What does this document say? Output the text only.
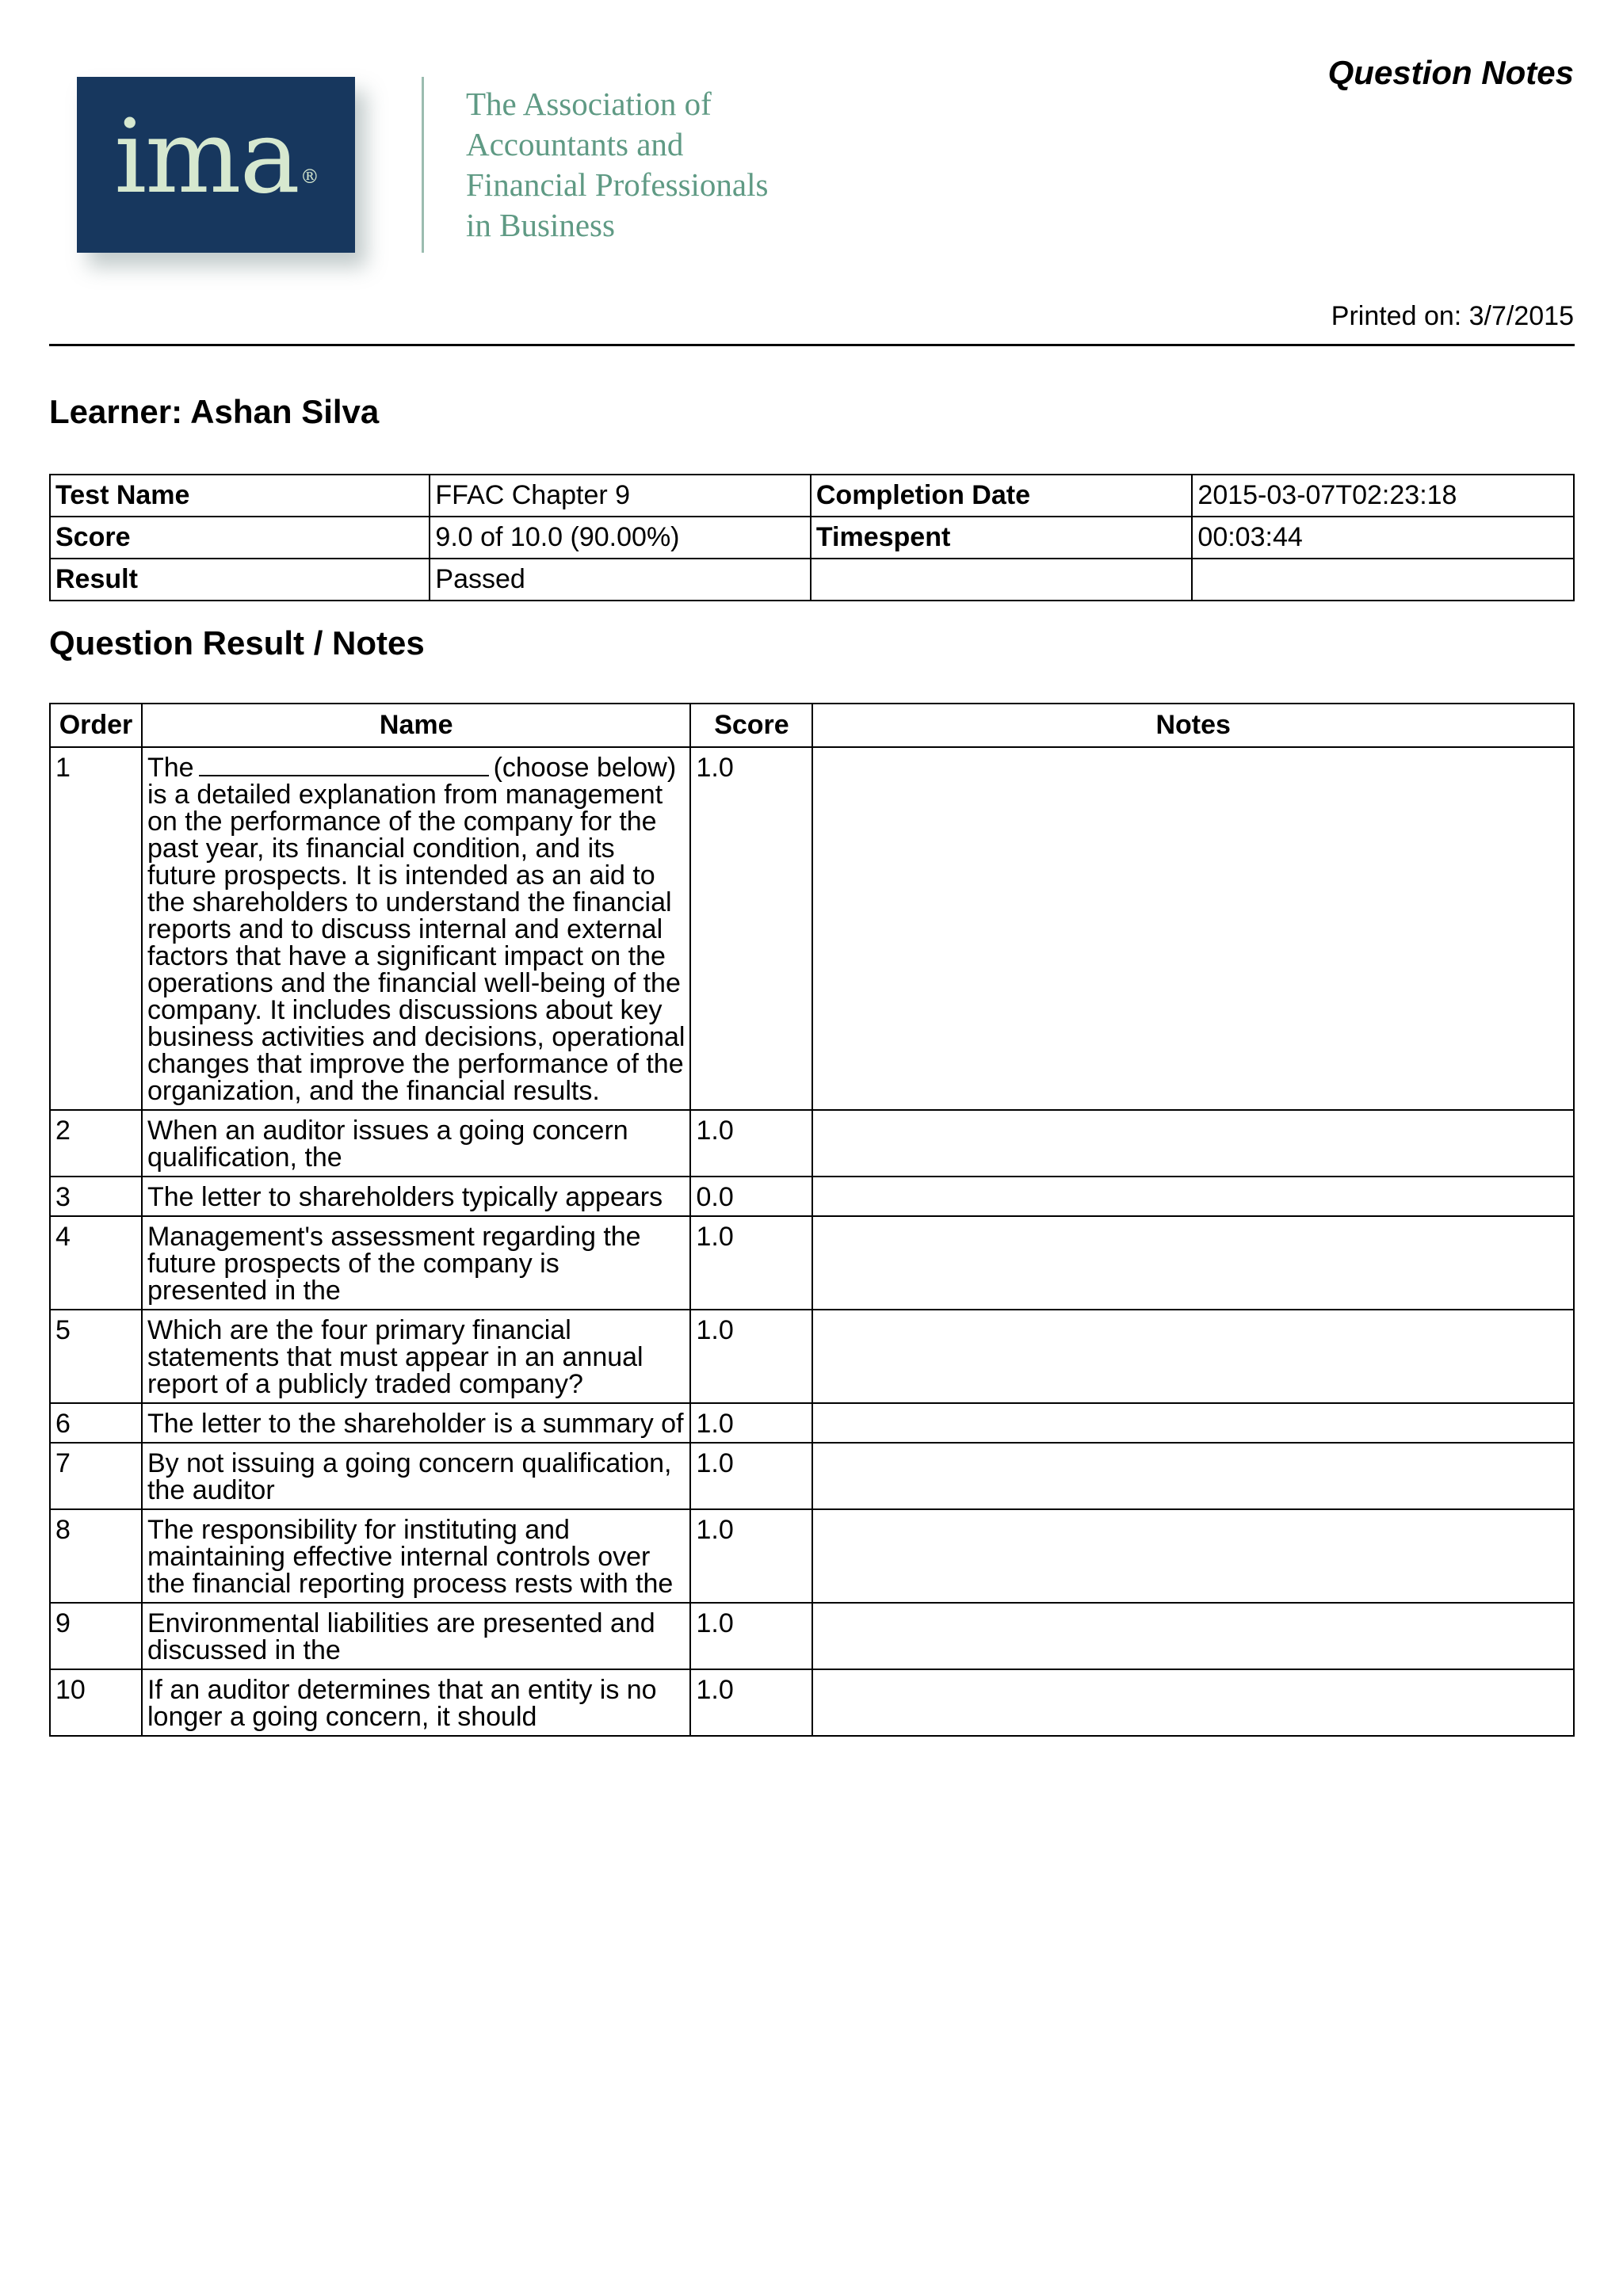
ima®
The Association of
Accountants and
Financial Professionals
in Business
Question Notes
Printed on: 3/7/2015
Learner: Ashan Silva
Test Name	FFAC Chapter 9	Completion Date	2015-03-07T02:23:18
Score	9.0 of 10.0 (90.00%)	Timespent	00:03:44
Result	Passed		
Question Result / Notes
Order	Name	Score	Notes
1	The (choose below) is a detailed explanation from management on the performance of the company for the past year, its financial condition, and its future prospects. It is intended as an aid to the shareholders to understand the financial reports and to discuss internal and external factors that have a significant impact on the operations and the financial well-being of the company. It includes discussions about key business activities and decisions, operational changes that improve the performance of the organization, and the financial results.	1.0	
2	When an auditor issues a going concern qualification, the	1.0	
3	The letter to shareholders typically appears	0.0	
4	Management's assessment regarding the future prospects of the company is presented in the	1.0	
5	Which are the four primary financial statements that must appear in an annual report of a publicly traded company?	1.0	
6	The letter to the shareholder is a summary of	1.0	
7	By not issuing a going concern qualification, the auditor	1.0	
8	The responsibility for instituting and maintaining effective internal controls over the financial reporting process rests with the	1.0	
9	Environmental liabilities are presented and discussed in the	1.0	
10	If an auditor determines that an entity is no longer a going concern, it should	1.0	
